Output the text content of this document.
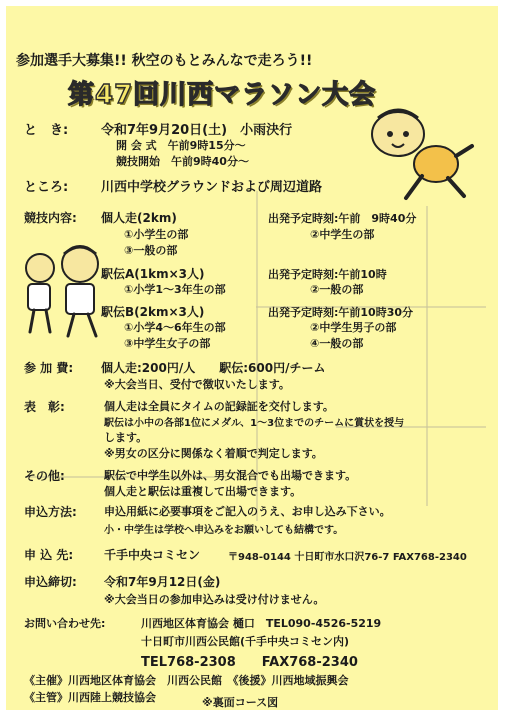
参加選手大募集!! 秋空のもとみんなで走ろう!!
第47回川西マラソン大会
と　き:	令和7年9月20日(土)　小雨決行
開 会 式　午前9時15分～
競技開始　午前9時40分～
ところ:	川西中学校グラウンドおよび周辺道路
競技内容: 個人走(2km)	出発予定時刻:午前　9時40分
①小学生の部	②中学生の部
③一般の部
駅伝A(1km×3人)	出発予定時刻:午前10時
①小学1～3年生の部	②一般の部
駅伝B(2km×3人)	出発予定時刻:午前10時30分
①小学4～6年生の部	②中学生男子の部
③中学生女子の部	④一般の部
参 加 費: 個人走:200円/人　　駅伝:600円/チーム
※大会当日、受付で徴収いたします。
表　彰:	個人走は全員にタイムの記録証を交付します。
駅伝は小中の各部1位にメダル、1～3位までのチームに賞状を授与
します。
※男女の区分に関係なく着順で判定します。
その他:	駅伝で中学生以外は、男女混合でも出場できます。
個人走と駅伝は重複して出場できます。
申込方法: 申込用紙に必要事項をご記入のうえ、お申し込み下さい。
小・中学生は学校へ申込みをお願いしても結構です。
申 込 先:	千手中央コミセン	〒948-0144 十日町市水口沢76-7 FAX768-2340
申込締切: 令和7年9月12日(金)
※大会当日の参加申込みは受け付けません。
お問い合わせ先:	川西地区体育協会 樋口　TEL090-4526-5219
十日町市川西公民館(千手中央コミセン内)
TEL768-2308　　FAX768-2340
《主催》川西地区体育協会　川西公民館　《後援》川西地域振興会
《主管》川西陸上競技協会	※裏面コース図
